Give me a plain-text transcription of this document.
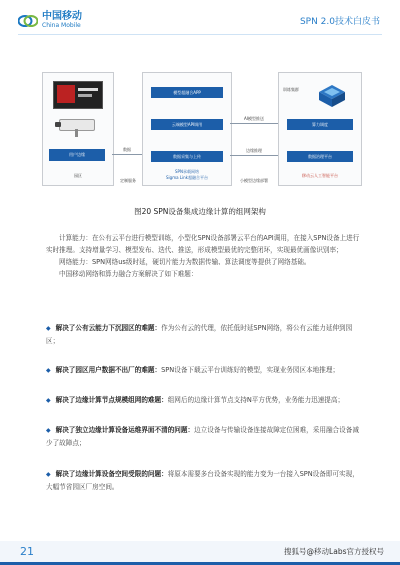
中国移动
China Mobile	SPN 2.0技术白皮书
用户边缘
园区
模型超融合APP
云端模型API调用
数据采集与上传
SPN承载网络
Sigma Link超融合平台
训练集群
算力调度
数据治理平台
移动云人工智能平台
AI模型推送
边缘推理
数据
定制服务	小模型边缘部署
图20 SPN设备集成边缘计算的组网架构

计算能力：在公有云平台进行模型训练，小型化SPN设备部署云平台的API调用，在接入SPN设备上进行实时推理。支持增量学习、模型发布、迭代、推送，形成模型最优的完整闭环，实现最优画像识别率；

网络能力：SPN网络us级时延，硬切片能力为数据传输、算法调度等提供了网络基础。

中国移动网络和算力融合方案解决了如下难题：

◆ 解决了公有云能力下沉园区的难题：作为公有云的代理，依托低时延SPN网络，将公有云能力延伸到园区；
◆ 解决了园区用户数据不出厂的难题：SPN设备下载云平台训练好的模型，实现业务园区本地推理；
◆ 解决了边缘计算节点规模组网的难题：组网后的边缘计算节点支持N平方优势，业务能力迅速提高；
◆ 解决了独立边缘计算设备运维界面不清的问题：边立设备与传输设备连接故障定位困难，采用融合设备减少了故障点；
◆ 解决了边缘计算设备空间受限的问题：将原本需要多台设备实现的能力变为一台接入SPN设备即可实现，大幅节省园区厂房空间。
21	搜狐号@移动Labs官方授权号
